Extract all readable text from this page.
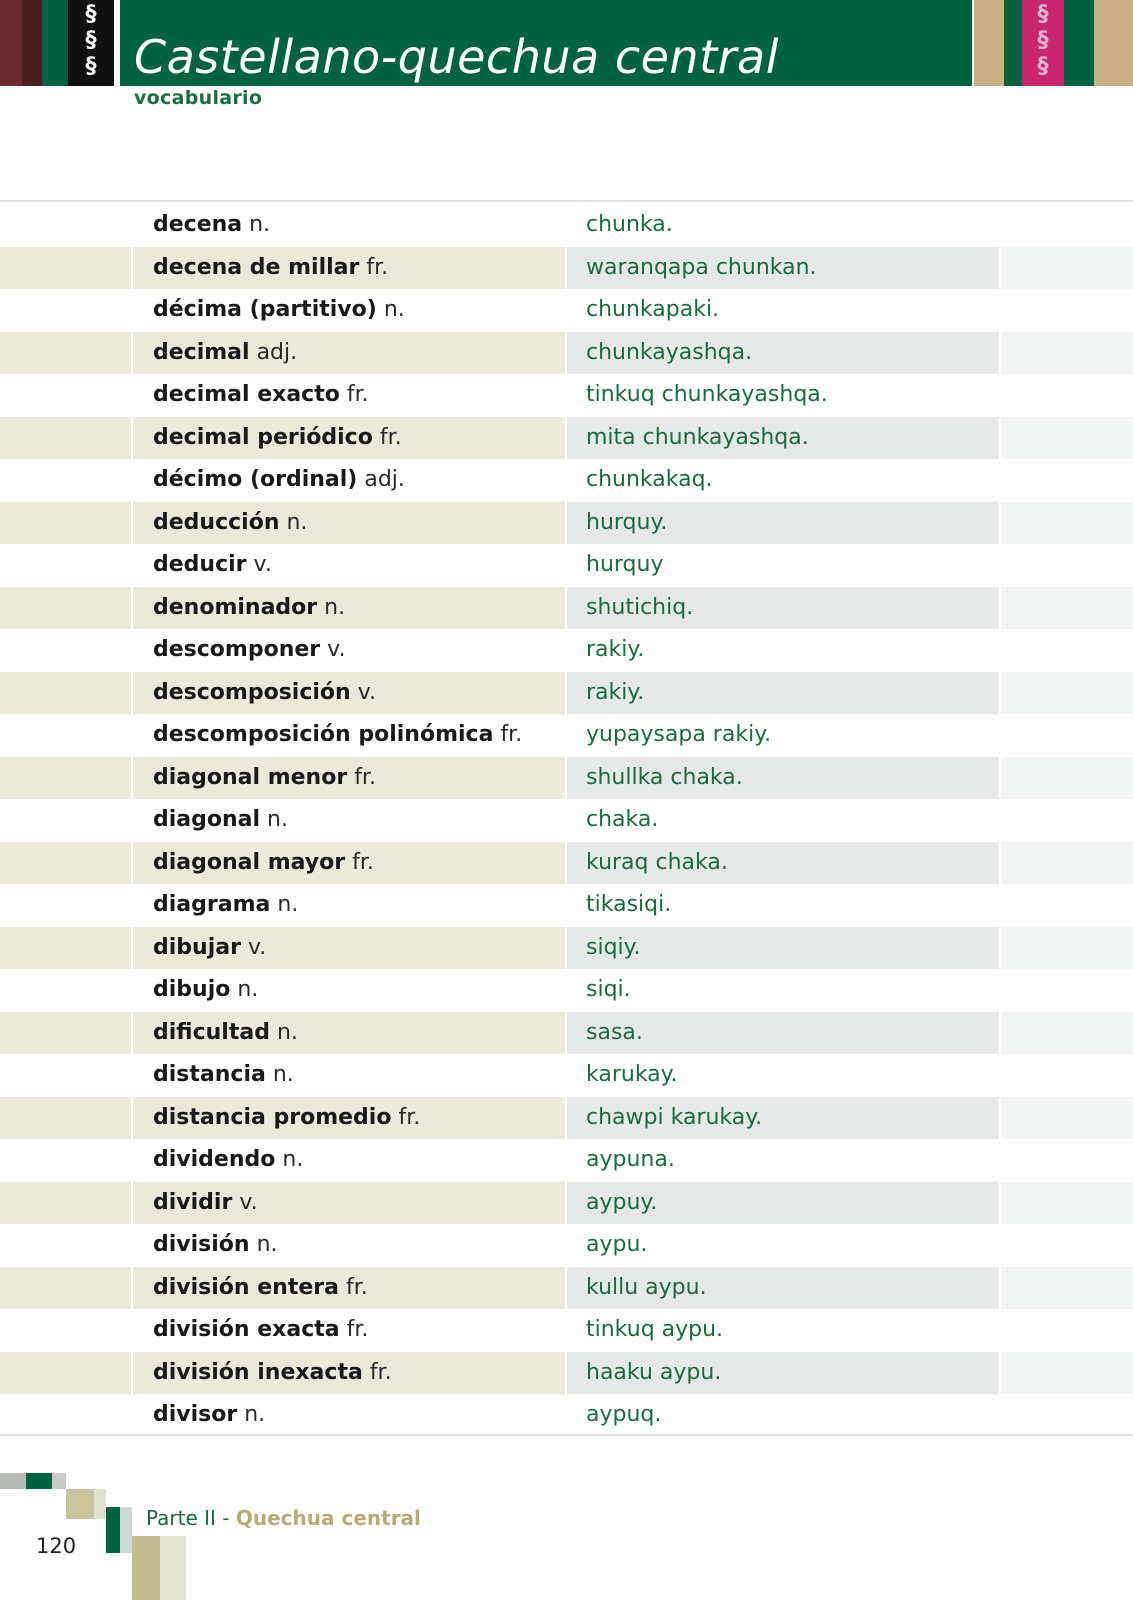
§
§
§
§
§
§
Castellano-quechua central
vocabulario
decena n.	chunka.
decena de millar fr.	waranqapa chunkan.
décima (partitivo) n.	chunkapaki.
decimal adj.	chunkayashqa.
decimal exacto fr.	tinkuq chunkayashqa.
decimal periódico fr.	mita chunkayashqa.
décimo (ordinal) adj.	chunkakaq.
deducción n.	hurquy.
deducir v.	hurquy
denominador n.	shutichiq.
descomponer v.	rakiy.
descomposición v.	rakiy.
descomposición polinómica fr.	yupaysapa rakiy.
diagonal menor fr.	shullka chaka.
diagonal n.	chaka.
diagonal mayor fr.	kuraq chaka.
diagrama n.	tikasiqi.
dibujar v.	siqiy.
dibujo n.	siqi.
dificultad n.	sasa.
distancia n.	karukay.
distancia promedio fr.	chawpi karukay.
dividendo n.	aypuna.
dividir v.	aypuy.
división n.	aypu.
división entera fr.	kullu aypu.
división exacta fr.	tinkuq aypu.
división inexacta fr.	haaku aypu.
divisor n.	aypuq.
Parte II - Quechua central
120
